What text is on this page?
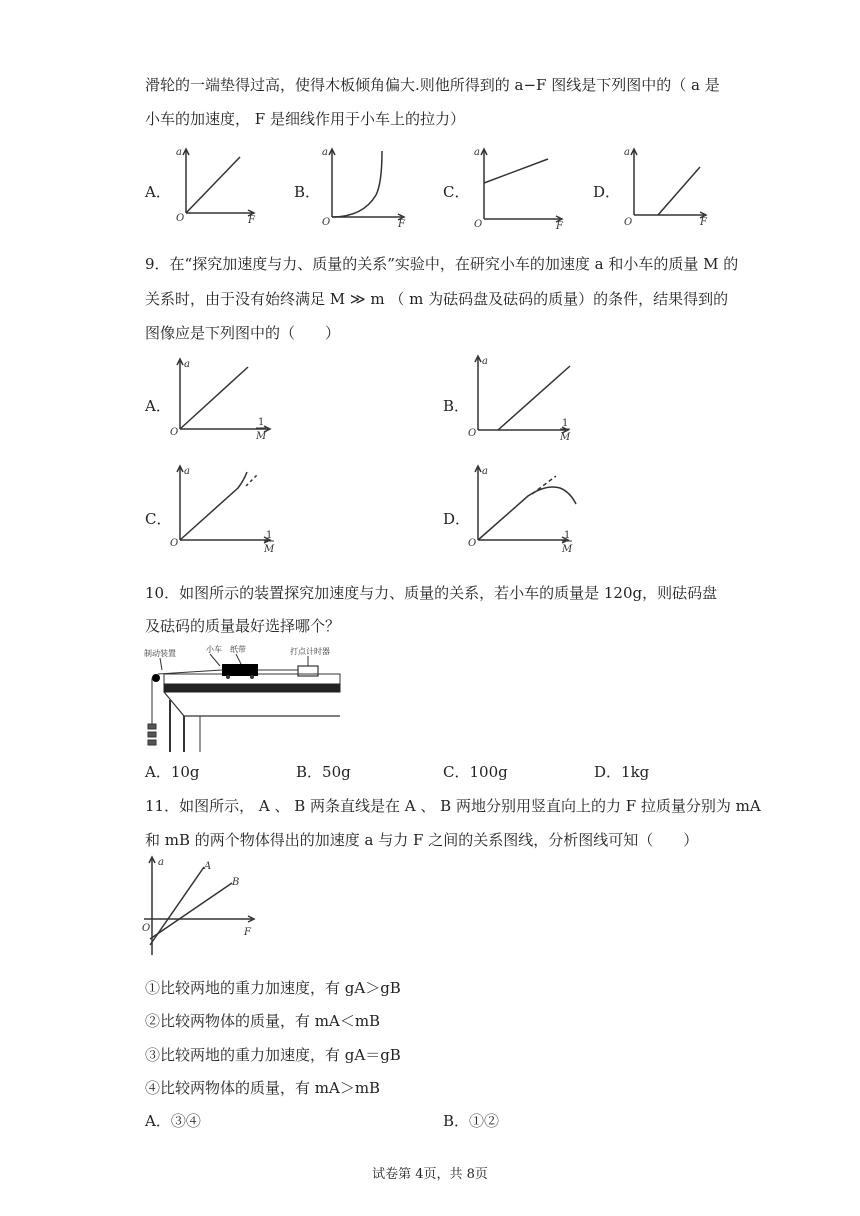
滑轮的一端垫得过高，使得木板倾角偏大.则他所得到的 a−F 图线是下列图中的（ a 是
小车的加速度， F 是细线作用于小车上的拉力）
A．
a
O	F
B．
a
O	F
C．
a
O	F
D．
a
O	F
9．在“探究加速度与力、质量的关系”实验中，在研究小车的加速度 a 和小车的质量 M 的
关系时，由于没有始终满足 M ≫ m （ m 为砝码盘及砝码的质量）的条件，结果得到的
图像应是下列图中的（　　）
A．
a
O
1
M
B．
a
O
1
M
C．
a
O
1
M
D．
a
O
1
M
10．如图所示的装置探究加速度与力、质量的关系，若小车的质量是 120g，则砝码盘
及砝码的质量最好选择哪个？
制动装置	小车 纸带	打点计时器
A．10g	B．50g	C．100g	D．1kg
11．如图所示， A 、 B 两条直线是在 A 、 B 两地分别用竖直向上的力 F 拉质量分别为 mA
和 mB 的两个物体得出的加速度 a 与力 F 之间的关系图线，分析图线可知（　　）
a	A
B
O	F
①比较两地的重力加速度，有 gA＞gB
②比较两物体的质量，有 mA＜mB
③比较两地的重力加速度，有 gA＝gB
④比较两物体的质量，有 mA＞mB
A．③④	B．①②
试卷第 4页，共 8页
